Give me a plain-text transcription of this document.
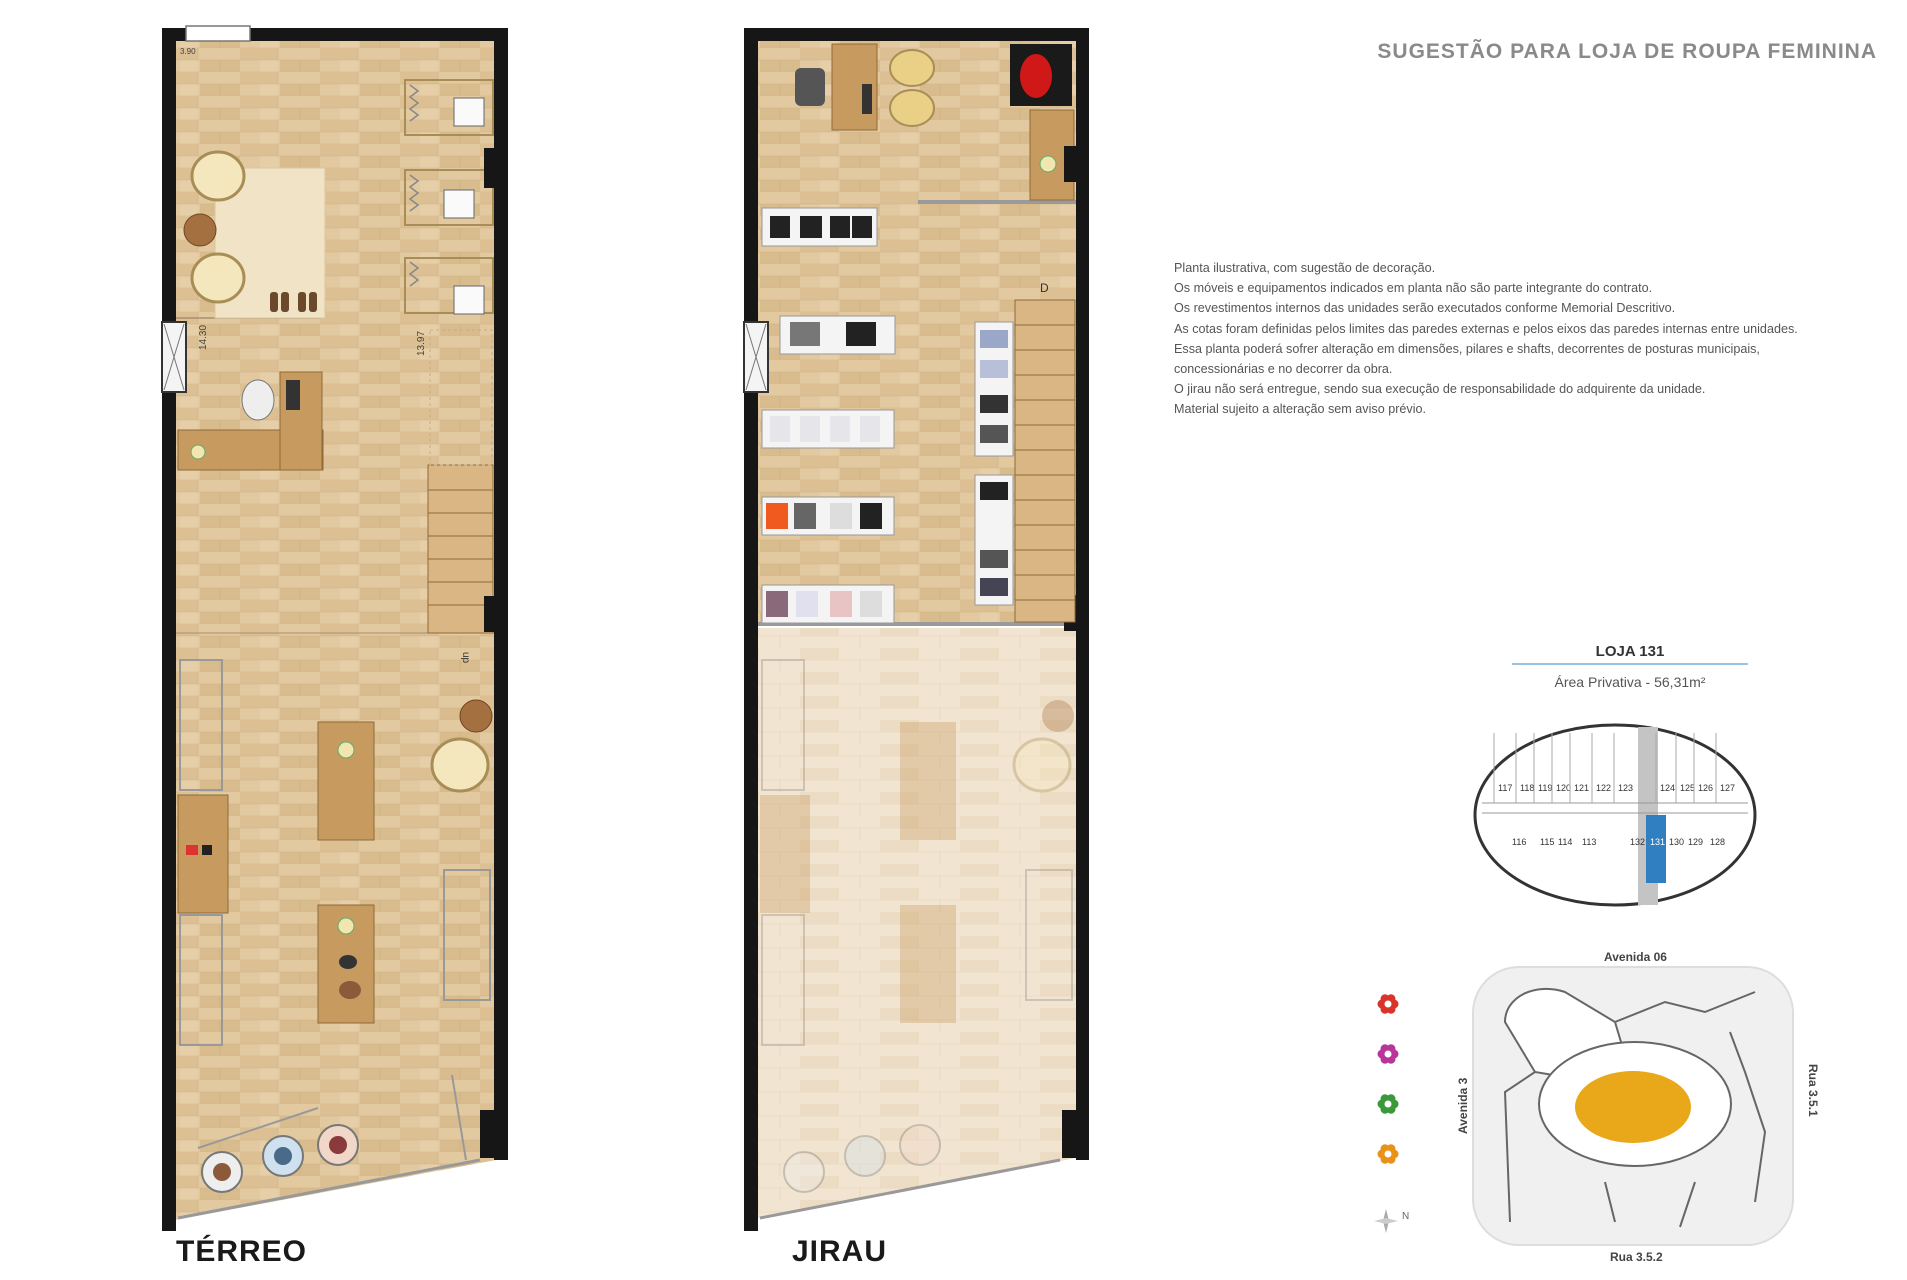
up
3.90
14.30	13.97
D
TÉRREO	JIRAU
SUGESTÃO PARA LOJA DE ROUPA FEMININA
Planta ilustrativa, com sugestão de decoração.
Os móveis e equipamentos indicados em planta não são parte integrante do contrato.
Os revestimentos internos das unidades serão executados conforme Memorial Descritivo.
As cotas foram definidas pelos limites das paredes externas e pelos eixos das paredes internas entre unidades.
Essa planta poderá sofrer alteração em dimensões, pilares e shafts, decorrentes de posturas municipais,
concessionárias e no decorrer da obra.
O jirau não será entregue, sendo sua execução de responsabilidade do adquirente da unidade.
Material sujeito a alteração sem aviso prévio.
LOJA 131
Área Privativa - 56,31m²
117 118 119 120 121 122 123	124 125 126 127
116 115 114 113	132 131 130 129 128
Avenida 06
Avenida 3	Rua 3.5.1
Rua 3.5.2
N
